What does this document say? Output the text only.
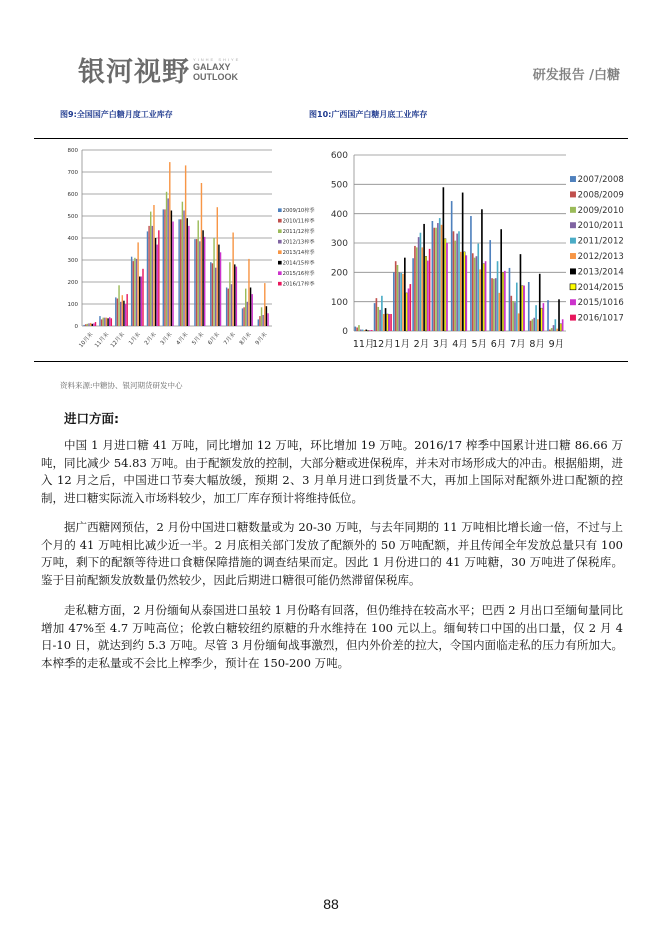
银河视野 YINHE SHIYE
GALAXY
OUTLOOK	研发报告 /白糖
图9:全国国产白糖月度工业库存	图10:广西国产白糖月底工业库存
0
100
200
300
400
500
600
700
800
10月末 11月末 12月末 1月末 2月末 3月末 4月末 5月末 6月末 7月末 8月末 9月末
2009/10榨季
2010/11榨季
2011/12榨季
2012/13榨季
2013/14榨季
2014/15榨季
2015/16榨季
2016/17榨季
0
100
200
300
400
500
600
11月
12月 1月 2月 3月 4月 5月 6月 7月 8月 9月
2007/2008
2008/2009
2009/2010
2010/2011
2011/2012
2012/2013
2013/2014
2014/2015
2015/1016
2016/1017
资料来源:中糖协、银河期货研发中心
进口方面:
中国 1 月进口糖 41 万吨，同比增加 12 万吨，环比增加 19 万吨。2016/17 榨季中国累计进口糖 86.66 万吨，同比减少 54.83 万吨。由于配额发放的控制，大部分糖或进保税库，并未对市场形成大的冲击。根据船期，进入 12 月之后，中国进口节奏大幅放缓，预期 2、3 月单月进口到货量不大，再加上国际对配额外进口配额的控制，进口糖实际流入市场料较少，加工厂库存预计将维持低位。
据广西糖网预估，2 月份中国进口糖数量或为 20-30 万吨，与去年同期的 11 万吨相比增长逾一倍，不过与上个月的 41 万吨相比减少近一半。2 月底相关部门发放了配额外的 50 万吨配额，并且传闻全年发放总量只有 100 万吨，剩下的配额等待进口食糖保障措施的调查结果而定。因此 1 月份进口的 41 万吨糖，30 万吨进了保税库。鉴于目前配额发放数量仍然较少，因此后期进口糖很可能仍然滞留保税库。
走私糖方面，2 月份缅甸从泰国进口虽较 1 月份略有回落，但仍维持在较高水平；巴西 2 月出口至缅甸量同比增加 47%至 4.7 万吨高位；伦敦白糖较纽约原糖的升水维持在 100 元以上。缅甸转口中国的出口量，仅 2 月 4 日-10 日，就达到约 5.3 万吨。尽管 3 月份缅甸战事激烈，但内外价差的拉大，令国内面临走私的压力有所加大。本榨季的走私量或不会比上榨季少，预计在 150-200 万吨。
88
